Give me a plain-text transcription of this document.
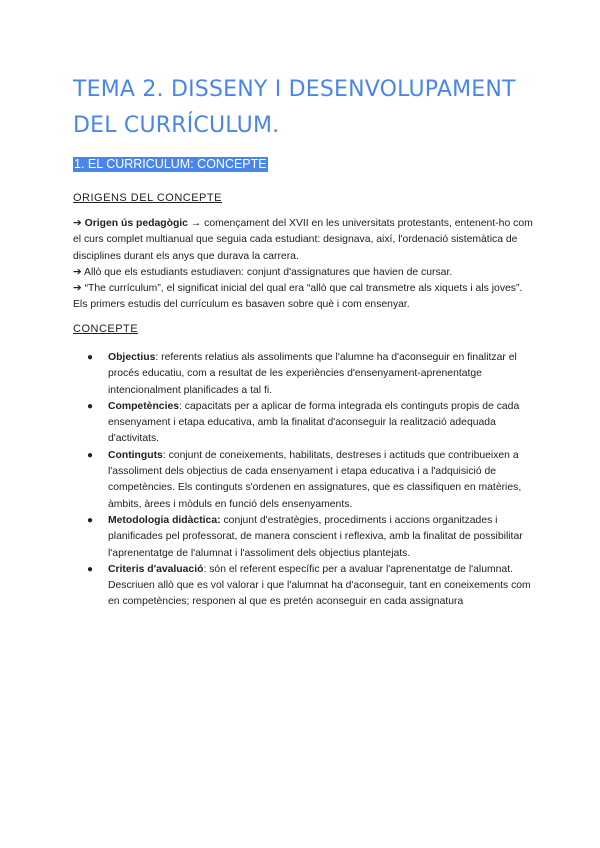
TEMA 2. DISSENY I DESENVOLUPAMENT DEL CURRÍCULUM.
1. EL CURRICULUM: CONCEPTE
ORIGENS DEL CONCEPTE

➔ Origen ús pedagògic → començament del XVII en les universitats protestants, entenent-ho com el curs complet multianual que seguia cada estudiant: designava, així, l'ordenació sistemàtica de disciplines durant els anys que durava la carrera.

➔ Allò que els estudiants estudiaven: conjunt d'assignatures que havien de cursar.

➔ “The currículum”, el significat inicial del qual era “allò que cal transmetre als xiquets i als joves”. Els primers estudis del currículum es basaven sobre què i com ensenyar.

CONCEPTE
● Objectius: referents relatius als assoliments que l'alumne ha d'aconseguir en finalitzar el procés educatiu, com a resultat de les experiències d'ensenyament-aprenentatge intencionalment planificades a tal fi.
● Competències: capacitats per a aplicar de forma integrada els continguts propis de cada ensenyament i etapa educativa, amb la finalitat d'aconseguir la realització adequada d'activitats.
● Continguts: conjunt de coneixements, habilitats, destreses i actituds que contribueixen a l'assoliment dels objectius de cada ensenyament i etapa educativa i a l'adquisició de competències. Els continguts s'ordenen en assignatures, que es classifiquen en matèries, àmbits, àrees i mòduls en funció dels ensenyaments.
● Metodologia didàctica: conjunt d'estratègies, procediments i accions organitzades i planificades pel professorat, de manera conscient i reflexiva, amb la finalitat de possibilitar l'aprenentatge de l'alumnat i l'assoliment dels objectius plantejats.
● Criteris d'avaluació: són el referent específic per a avaluar l'aprenentatge de l'alumnat. Descriuen allò que es vol valorar i que l'alumnat ha d'aconseguir, tant en coneixements com en competències; responen al que es pretén aconseguir en cada assignatura
